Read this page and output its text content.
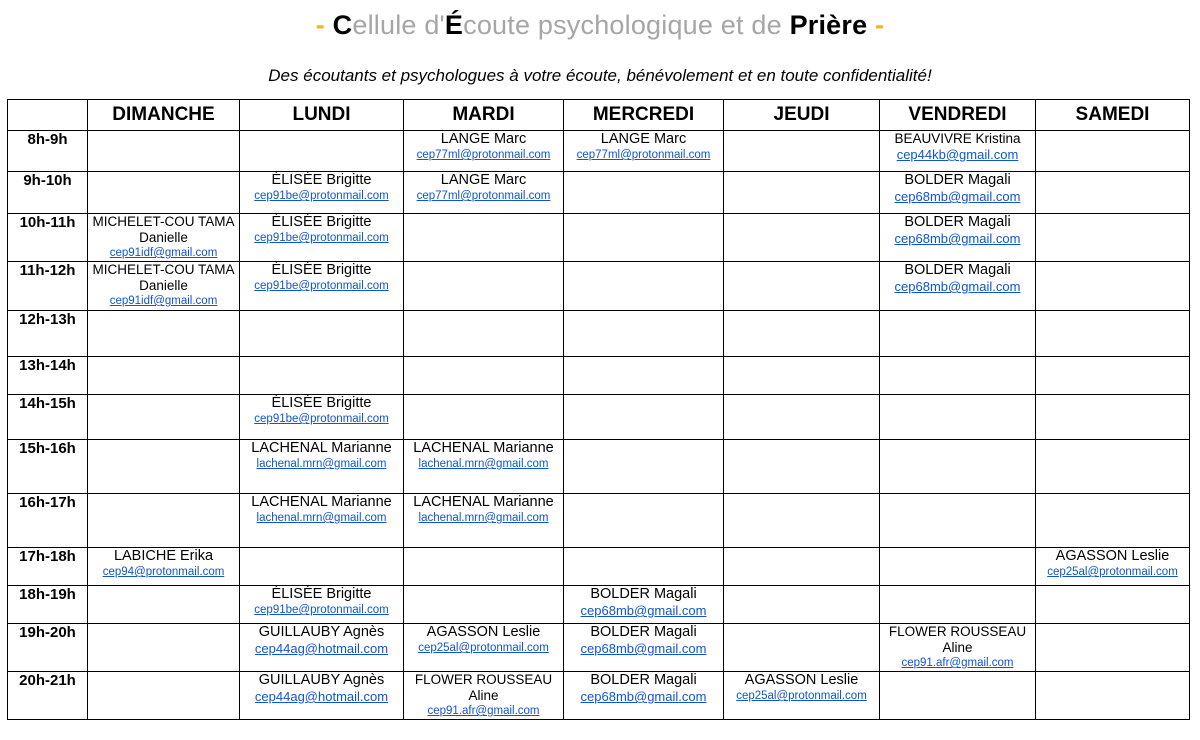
- Cellule d'Écoute psychologique et de Prière -
Des écoutants et psychologues à votre écoute, bénévolement et en toute confidentialité!
	DIMANCHE	LUNDI	MARDI	MERCREDI	JEUDI	VENDREDI	SAMEDI
8h-9h			LANGE Marc
cep77ml@protonmail.com	LANGE Marc
cep77ml@protonmail.com		BEAUVIVRE Kristina
cep44kb@gmail.com	

9h-10h		ÉLISÉE Brigitte
cep91be@protonmail.com	LANGE Marc
cep77ml@protonmail.com			BOLDER Magali
cep68mb@gmail.com	

10h-11h	MICHELET-COU TAMA Danielle
cep91idf@gmail.com	ÉLISÉE Brigitte
cep91be@protonmail.com				BOLDER Magali
cep68mb@gmail.com	

11h-12h	MICHELET-COU TAMA Danielle
cep91idf@gmail.com	ÉLISÉE Brigitte
cep91be@protonmail.com				BOLDER Magali
cep68mb@gmail.com	

12h-13h							
13h-14h							
14h-15h		ÉLISÉE Brigitte
cep91be@protonmail.com					

15h-16h		LACHENAL Marianne
lachenal.mrn@gmail.com	LACHENAL Marianne
lachenal.mrn@gmail.com				

16h-17h		LACHENAL Marianne
lachenal.mrn@gmail.com	LACHENAL Marianne
lachenal.mrn@gmail.com				

17h-18h	LABICHE Erika
cep94@protonmail.com						AGASSON Leslie
cep25al@protonmail.com

18h-19h		ÉLISÉE Brigitte
cep91be@protonmail.com		BOLDER Magali
cep68mb@gmail.com			

19h-20h		GUILLAUBY Agnès
cep44ag@hotmail.com	AGASSON Leslie
cep25al@protonmail.com	BOLDER Magali
cep68mb@gmail.com		FLOWER ROUSSEAU Aline
cep91.afr@gmail.com	

20h-21h		GUILLAUBY Agnès
cep44ag@hotmail.com	FLOWER ROUSSEAU Aline
cep91.afr@gmail.com	BOLDER Magali
cep68mb@gmail.com	AGASSON Leslie
cep25al@protonmail.com		
